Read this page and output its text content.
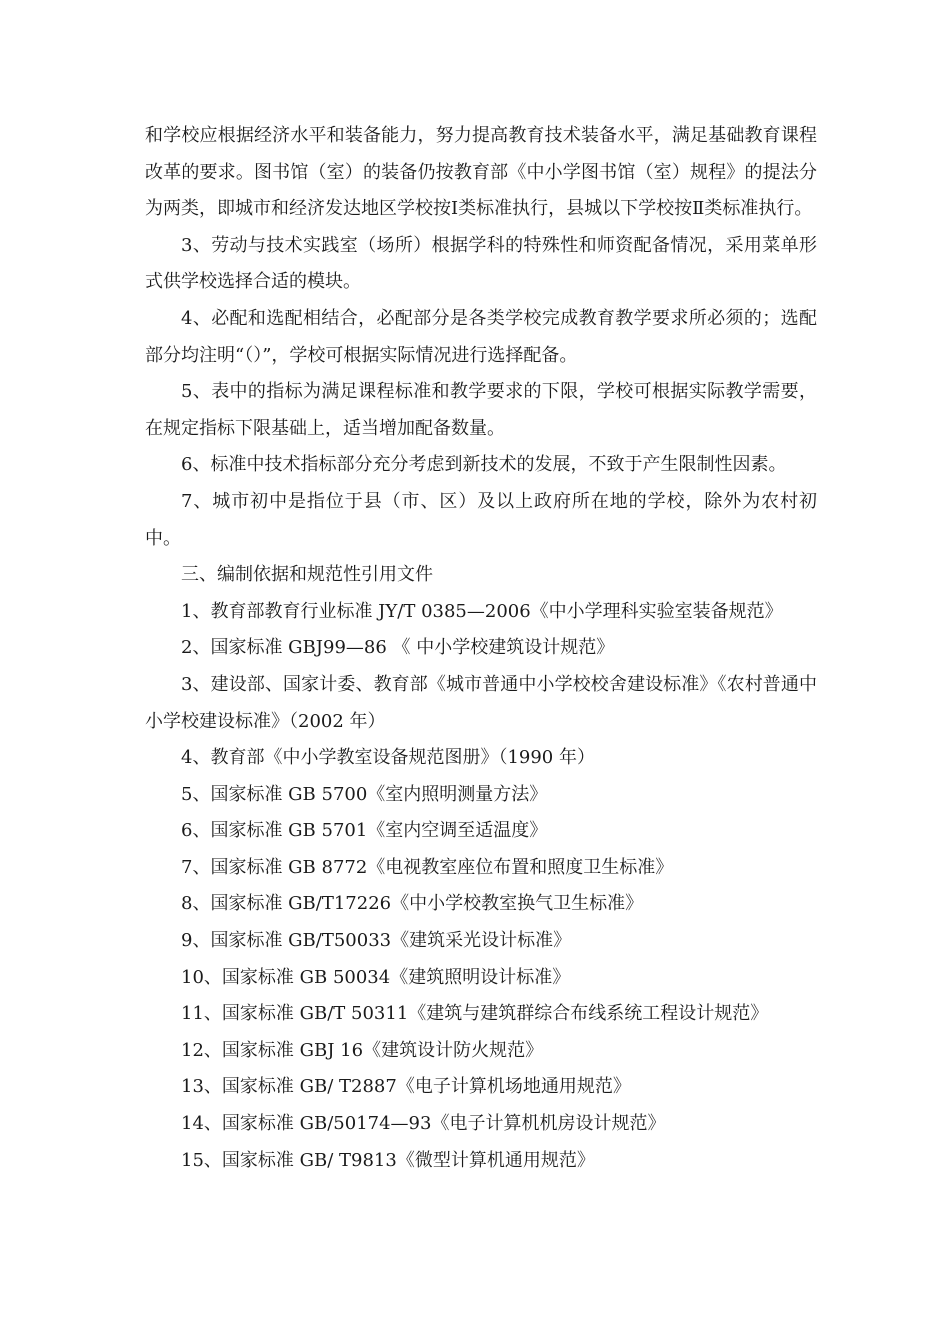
和学校应根据经济水平和装备能力，努力提高教育技术装备水平，满足基础教育课程改革的要求。图书馆（室）的装备仍按教育部《中小学图书馆（室）规程》的提法分为两类，即城市和经济发达地区学校按Ⅰ类标准执行，县城以下学校按Ⅱ类标准执行。

3、劳动与技术实践室（场所）根据学科的特殊性和师资配备情况，采用菜单形式供学校选择合适的模块。

4、必配和选配相结合，必配部分是各类学校完成教育教学要求所必须的；选配部分均注明“（）”，学校可根据实际情况进行选择配备。

5、表中的指标为满足课程标准和教学要求的下限，学校可根据实际教学需要，在规定指标下限基础上，适当增加配备数量。

6、标准中技术指标部分充分考虑到新技术的发展，不致于产生限制性因素。

7、城市初中是指位于县（市、区）及以上政府所在地的学校，除外为农村初中。

三、编制依据和规范性引用文件

1、教育部教育行业标准 JY/T 0385—2006《中小学理科实验室装备规范》

2、国家标准 GBJ99—86 《 中小学校建筑设计规范》

3、建设部、国家计委、教育部《城市普通中小学校校舍建设标准》《农村普通中小学校建设标准》（2002 年）

4、教育部《中小学教室设备规范图册》（1990 年）

5、国家标准 GB 5700《室内照明测量方法》

6、国家标准 GB 5701《室内空调至适温度》

7、国家标准 GB 8772《电视教室座位布置和照度卫生标准》

8、国家标准 GB/T17226《中小学校教室换气卫生标准》

9、国家标准 GB/T50033《建筑采光设计标准》

10、国家标准 GB 50034《建筑照明设计标准》

11、国家标准 GB/T 50311《建筑与建筑群综合布线系统工程设计规范》

12、国家标准 GBJ 16《建筑设计防火规范》

13、国家标准 GB/ T2887《电子计算机场地通用规范》

14、国家标准 GB/50174—93《电子计算机机房设计规范》

15、国家标准 GB/ T9813《微型计算机通用规范》
